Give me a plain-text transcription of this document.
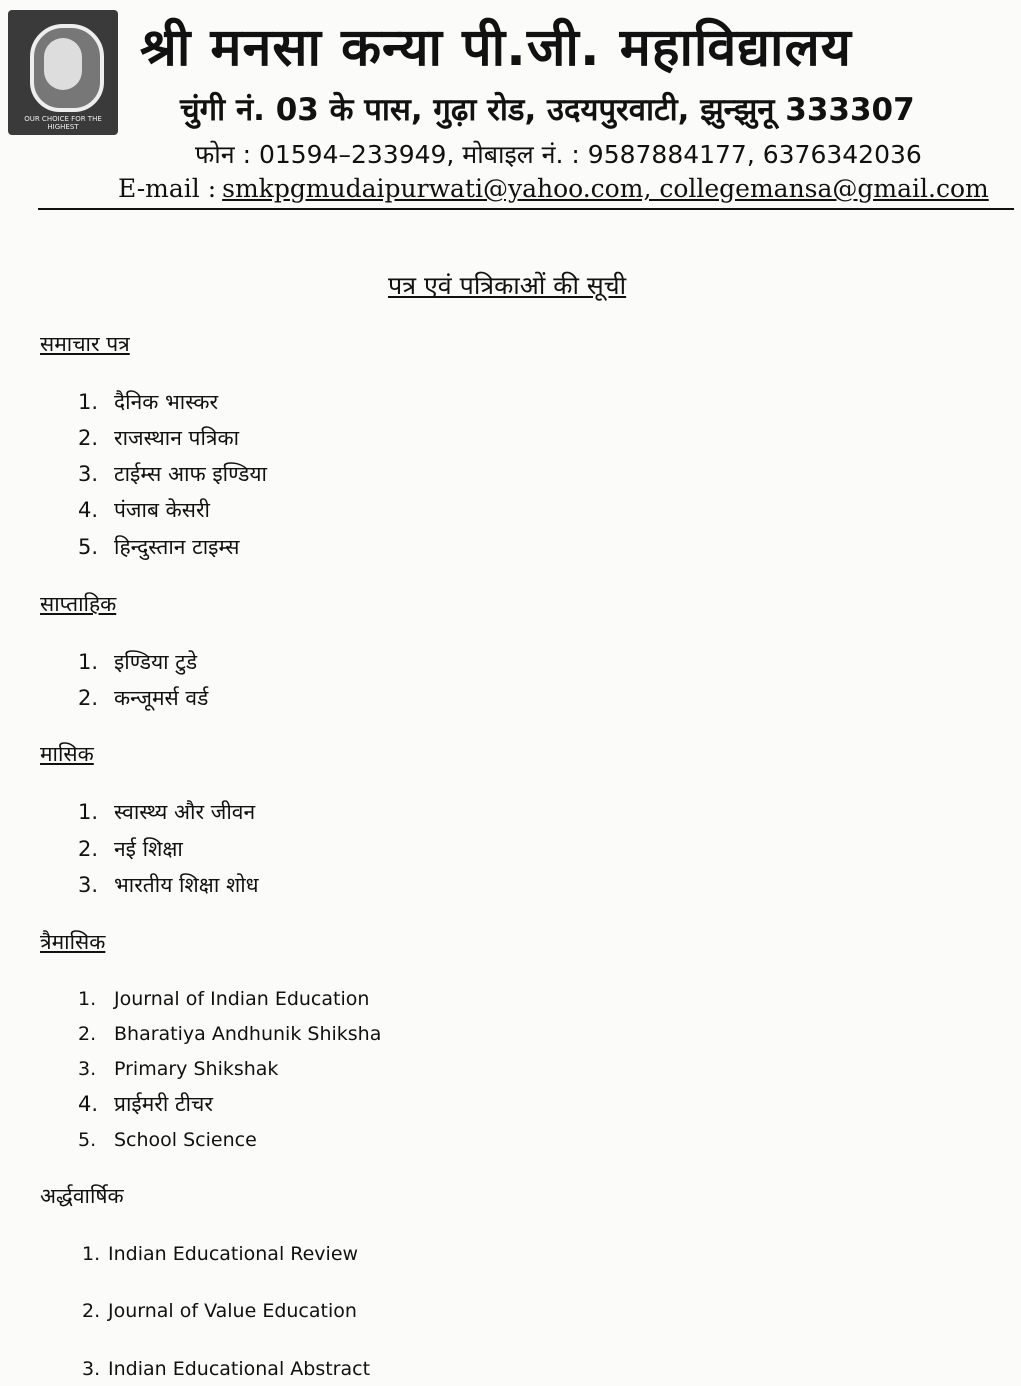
OUR CHOICE FOR THE HIGHEST
श्री मनसा कन्या पी.जी. महाविद्यालय
चुंगी नं. 03 के पास, गुढ़ा रोड, उदयपुरवाटी, झुन्झुनू 333307
फोन : 01594–233949, मोबाइल नं. : 9587884177, 6376342036
E-mail : smkpgmudaipurwati@yahoo.com, collegemansa@gmail.com
पत्र एवं पत्रिकाओं की सूची
समाचार पत्र
1. दैनिक भास्कर
2. राजस्थान पत्रिका
3. टाईम्स आफ इण्डिया
4. पंजाब केसरी
5. हिन्दुस्तान टाइम्स
साप्ताहिक
1. इण्डिया टुडे
2. कन्जूमर्स वर्ड
मासिक
1. स्वास्थ्य और जीवन
2. नई शिक्षा
3. भारतीय शिक्षा शोध
त्रैमासिक
1. Journal of Indian Education
2. Bharatiya Andhunik Shiksha
3. Primary Shikshak
4. प्राईमरी टीचर
5. School Science
अर्द्धवार्षिक
1. Indian Educational Review
2. Journal of Value Education
3. Indian Educational Abstract
